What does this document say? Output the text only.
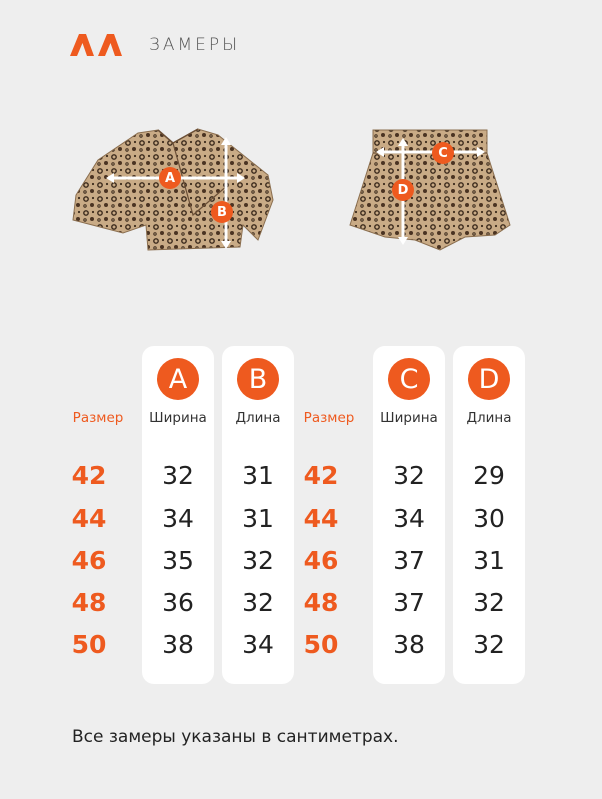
ЗАМЕРЫ
A
B
C
D
A	B	C	D
Размер	Ширина	Длина	Размер	Ширина	Длина
42	32	31	42	32	29
44	34	31	44	34	30
46	35	32	46	37	31
48	36	32	48	37	32
50	38	34	50	38	32
Все замеры указаны в сантиметрах.
